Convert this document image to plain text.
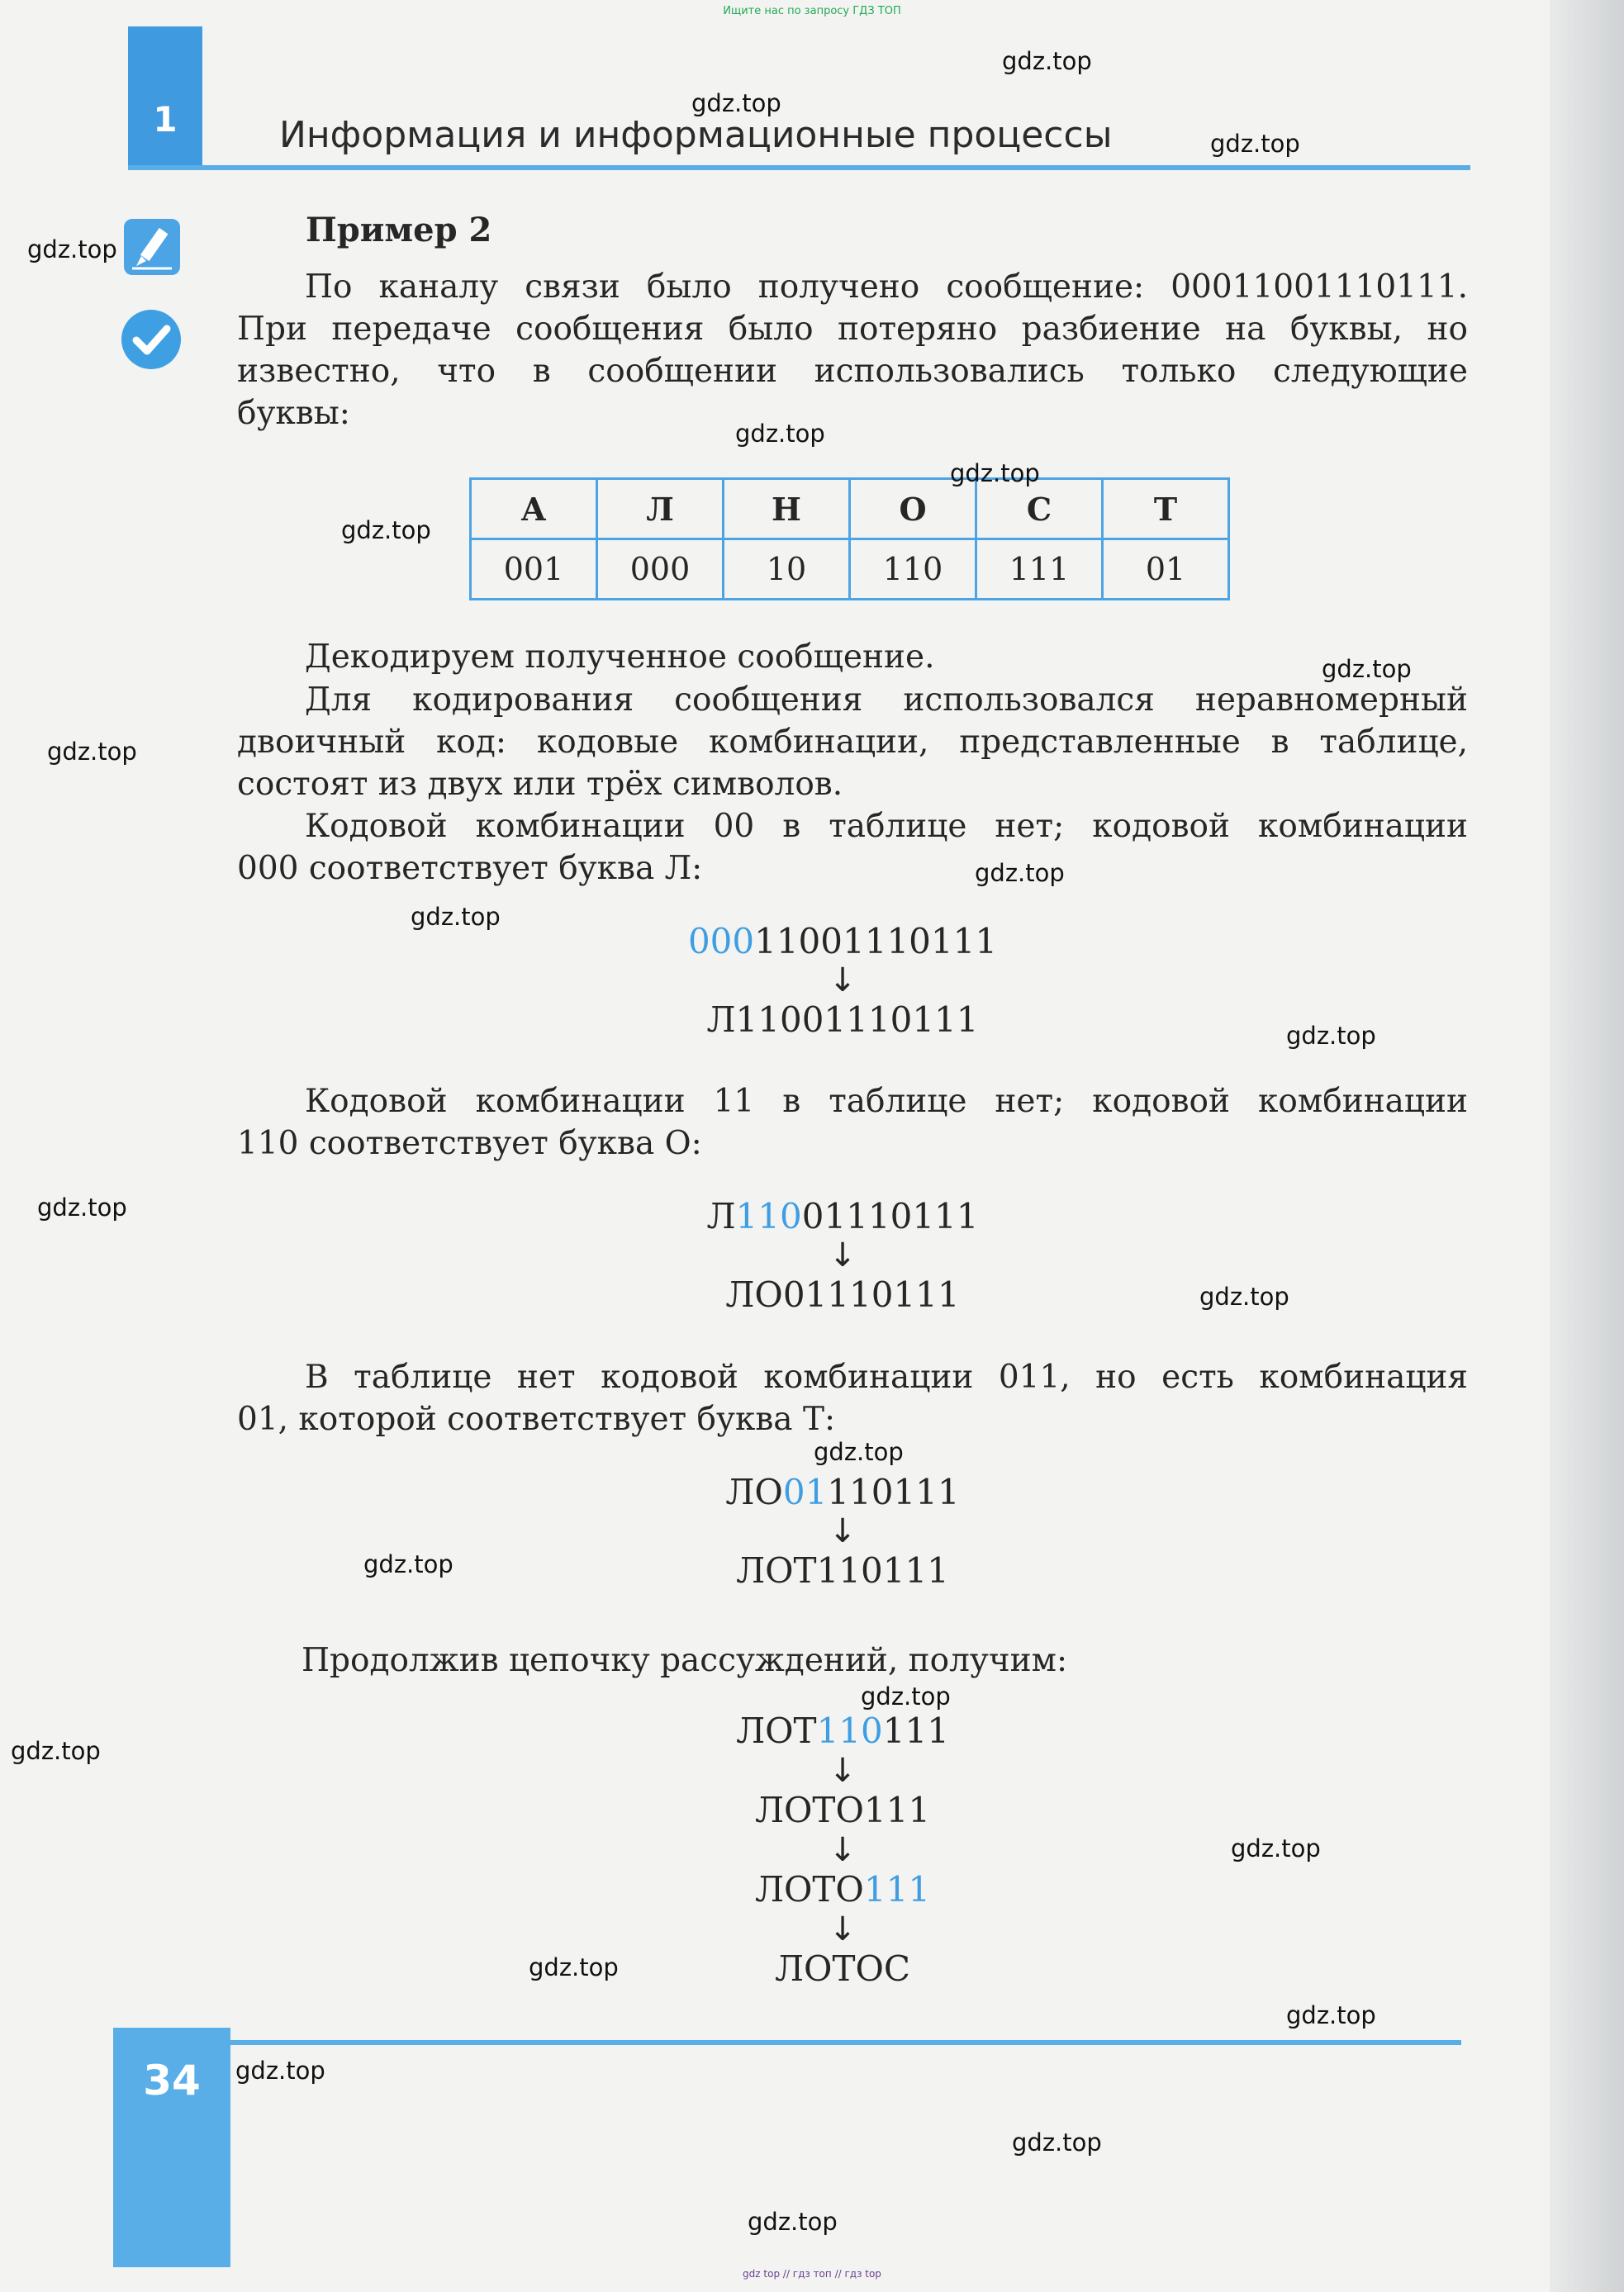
Ищите нас по запросу ГДЗ ТОП
1	Информация и информационные процессы
Пример 2
По каналу связи было получено сообщение: 00011001110111.
При передаче сообщения было потеряно разбиение на буквы, но
известно, что в сообщении использовались только следующие
буквы:
А	Л	Н	О	С	Т
001	000	10	110	111	01
Декодируем полученное сообщение.
Для кодирования сообщения использовался неравномерный
двоичный код: кодовые комбинации, представленные в таблице,
состоят из двух или трёх символов.
Кодовой комбинации 00 в таблице нет; кодовой комбинации
000 соответствует буква Л:
00011001110111
↓
Л11001110111
Кодовой комбинации 11 в таблице нет; кодовой комбинации
110 соответствует буква О:
Л11001110111
↓
ЛО01110111
В таблице нет кодовой комбинации 011, но есть комбинация
01, которой соответствует буква Т:
ЛО01110111
↓
ЛОТ110111
Продолжив цепочку рассуждений, получим:
ЛОТ110111
↓
ЛОТО111
↓
ЛОТО111
↓
ЛОТОС
34
gdz.top
gdz.top
gdz.top
gdz.top
gdz.top
gdz.top
gdz.top
gdz.top
gdz.top
gdz.top
gdz.top
gdz.top
gdz.top
gdz.top
gdz.top
gdz.top
gdz.top
gdz.top
gdz.top
gdz.top
gdz.top
gdz.top
gdz.top
gdz.top
gdz top // гдз топ // гдз top
